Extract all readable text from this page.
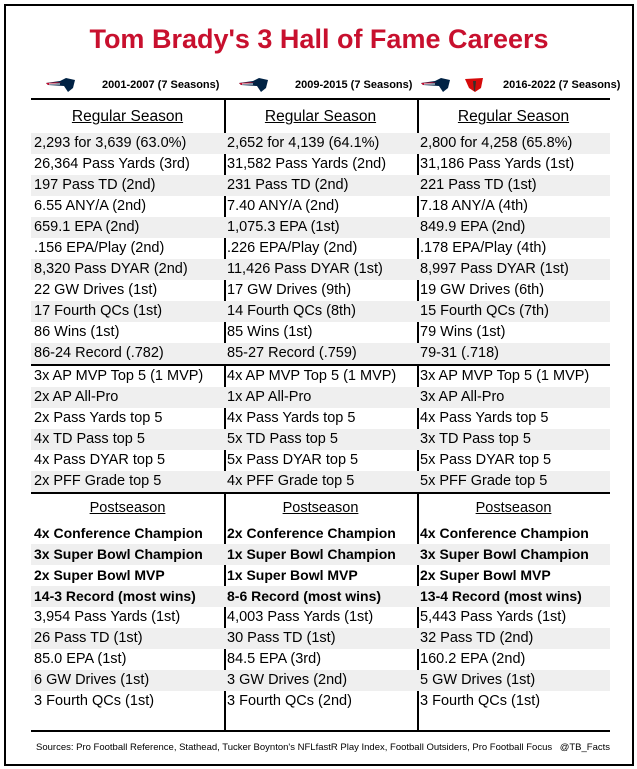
Tom Brady's 3 Hall of Fame Careers
2001-2007 (7 Seasons)	2009-2015 (7 Seasons)	2016-2022 (7 Seasons)
Regular Season
2,293 for 3,639 (63.0%)
26,364 Pass Yards (3rd)
197 Pass TD (2nd)
6.55 ANY/A (2nd)
659.1 EPA (2nd)
.156 EPA/Play (2nd)
8,320 Pass DYAR (2nd)
22 GW Drives (1st)
17 Fourth QCs (1st)
86 Wins (1st)
86-24 Record (.782)
3x AP MVP Top 5 (1 MVP)
2x AP All-Pro
2x Pass Yards top 5
4x TD Pass top 5
4x Pass DYAR top 5
2x PFF Grade top 5
Postseason
4x Conference Champion
3x Super Bowl Champion
2x Super Bowl MVP
14-3 Record (most wins)
3,954 Pass Yards (1st)
26 Pass TD (1st)
85.0 EPA (1st)
6 GW Drives (1st)
3 Fourth QCs (1st)
Regular Season
2,652 for 4,139 (64.1%)
31,582 Pass Yards (2nd)
231 Pass TD (2nd)
7.40 ANY/A (2nd)
1,075.3 EPA (1st)
.226 EPA/Play (2nd)
11,426 Pass DYAR (1st)
17 GW Drives (9th)
14 Fourth QCs (8th)
85 Wins (1st)
85-27 Record (.759)
4x AP MVP Top 5 (1 MVP)
1x AP All-Pro
4x Pass Yards top 5
5x TD Pass top 5
5x Pass DYAR top 5
4x PFF Grade top 5
Postseason
2x Conference Champion
1x Super Bowl Champion
1x Super Bowl MVP
8-6 Record (most wins)
4,003 Pass Yards (1st)
30 Pass TD (1st)
84.5 EPA (3rd)
3 GW Drives (2nd)
3 Fourth QCs (2nd)
Regular Season
2,800 for 4,258 (65.8%)
31,186 Pass Yards (1st)
221 Pass TD (1st)
7.18 ANY/A (4th)
849.9 EPA (2nd)
.178 EPA/Play (4th)
8,997 Pass DYAR (1st)
19 GW Drives (6th)
15 Fourth QCs (7th)
79 Wins (1st)
79-31 (.718)
3x AP MVP Top 5 (1 MVP)
3x AP All-Pro
4x Pass Yards top 5
3x TD Pass top 5
5x Pass DYAR top 5
5x PFF Grade top 5
Postseason
4x Conference Champion
3x Super Bowl Champion
2x Super Bowl MVP
13-4 Record (most wins)
5,443 Pass Yards (1st)
32 Pass TD (2nd)
160.2 EPA (2nd)
5 GW Drives (1st)
3 Fourth QCs (1st)
Sources: Pro Football Reference, Stathead, Tucker Boynton's NFLfastR Play Index, Football Outsiders, Pro Football Focus @TB_Facts
